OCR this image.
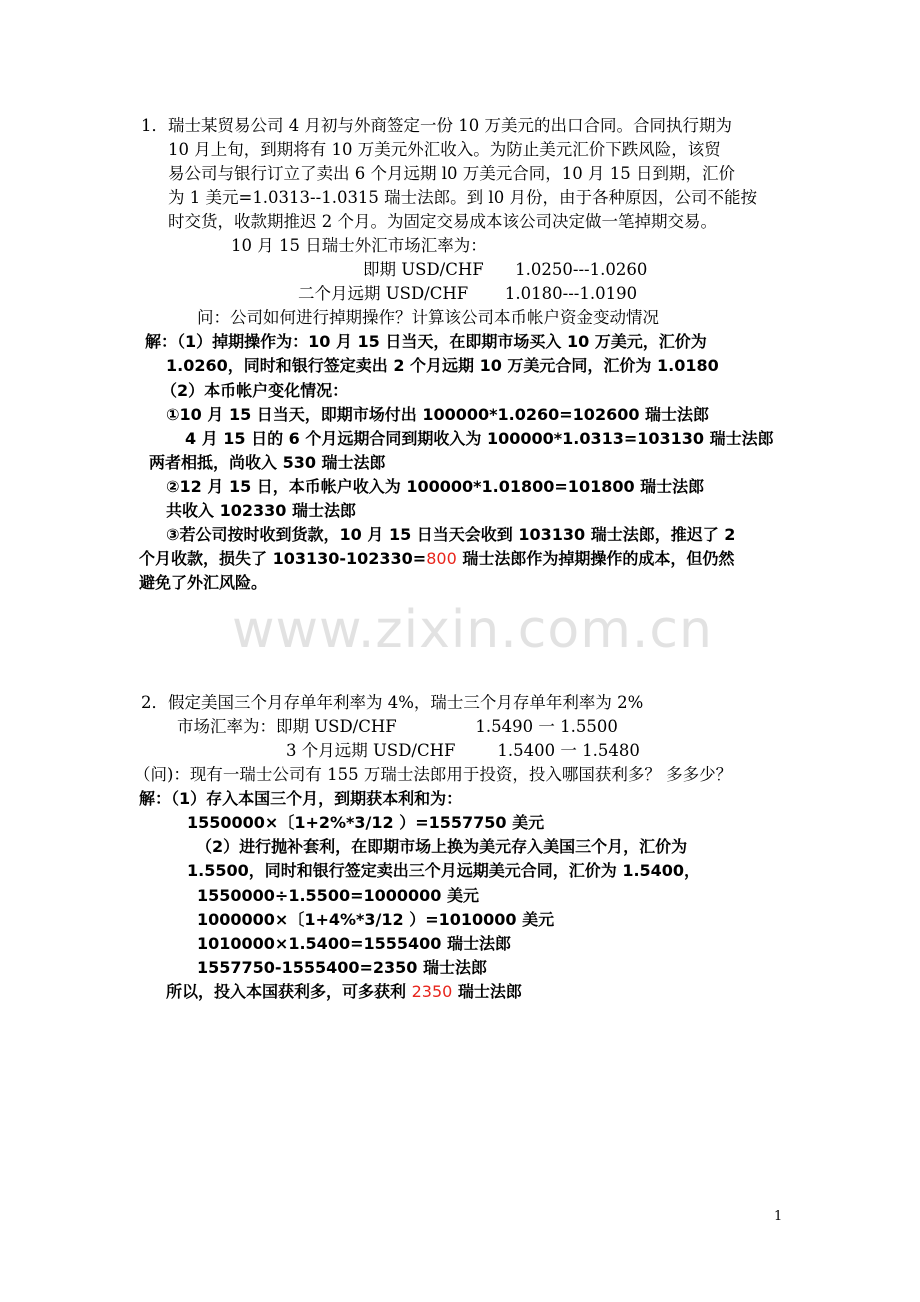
1．瑞士某贸易公司 4 月初与外商签定一份 10 万美元的出口合同。合同执行期为
10 月上旬，到期将有 10 万美元外汇收入。为防止美元汇价下跌风险，该贸
易公司与银行订立了卖出 6 个月远期 l0 万美元合同，10 月 15 日到期，汇价
为 1 美元=1.0313--1.0315 瑞士法郎。到 l0 月份，由于各种原因，公司不能按
时交货，收款期推迟 2 个月。为固定交易成本该公司决定做一笔掉期交易。
10 月 15 日瑞士外汇市场汇率为：
即期 USD/CHF      1.0250---1.0260
二个月远期 USD/CHF       1.0180---1.0190
问：公司如何进行掉期操作？计算该公司本币帐户资金变动情况
解：（1）掉期操作为：10 月 15 日当天，在即期市场买入 10 万美元，汇价为
1.0260，同时和银行签定卖出 2 个月远期 10 万美元合同，汇价为 1.0180
（2）本币帐户变化情况：
①10 月 15 日当天，即期市场付出 100000*1.0260=102600 瑞士法郎
4 月 15 日的 6 个月远期合同到期收入为 100000*1.0313=103130 瑞士法郎
两者相抵，尚收入 530 瑞士法郎
②12 月 15 日，本币帐户收入为 100000*1.01800=101800 瑞士法郎
共收入 102330 瑞士法郎
③若公司按时收到货款，10 月 15 日当天会收到 103130 瑞士法郎，推迟了 2
个月收款，损失了 103130-102330=800 瑞士法郎作为掉期操作的成本，但仍然
避免了外汇风险。
www.zixin.com.cn
2．假定美国三个月存单年利率为 4%，瑞士三个月存单年利率为 2%
市场汇率为：即期 USD/CHF               1.5490 一 1.5500
3 个月远期 USD/CHF        1.5400 一 1.5480
（问)：现有一瑞士公司有 155 万瑞士法郎用于投资，投入哪国获利多？ 多多少？
解：（1）存入本国三个月，到期获本利和为：
1550000×〔1+2%*3/12 ）=1557750 美元
（2）进行抛补套利，在即期市场上换为美元存入美国三个月，汇价为
1.5500，同时和银行签定卖出三个月远期美元合同，汇价为 1.5400，
1550000÷1.5500=1000000 美元
1000000×〔1+4%*3/12 ）=1010000 美元
1010000×1.5400=1555400 瑞士法郎
1557750-1555400=2350 瑞士法郎
所以，投入本国获利多，可多获利 2350 瑞士法郎
1
